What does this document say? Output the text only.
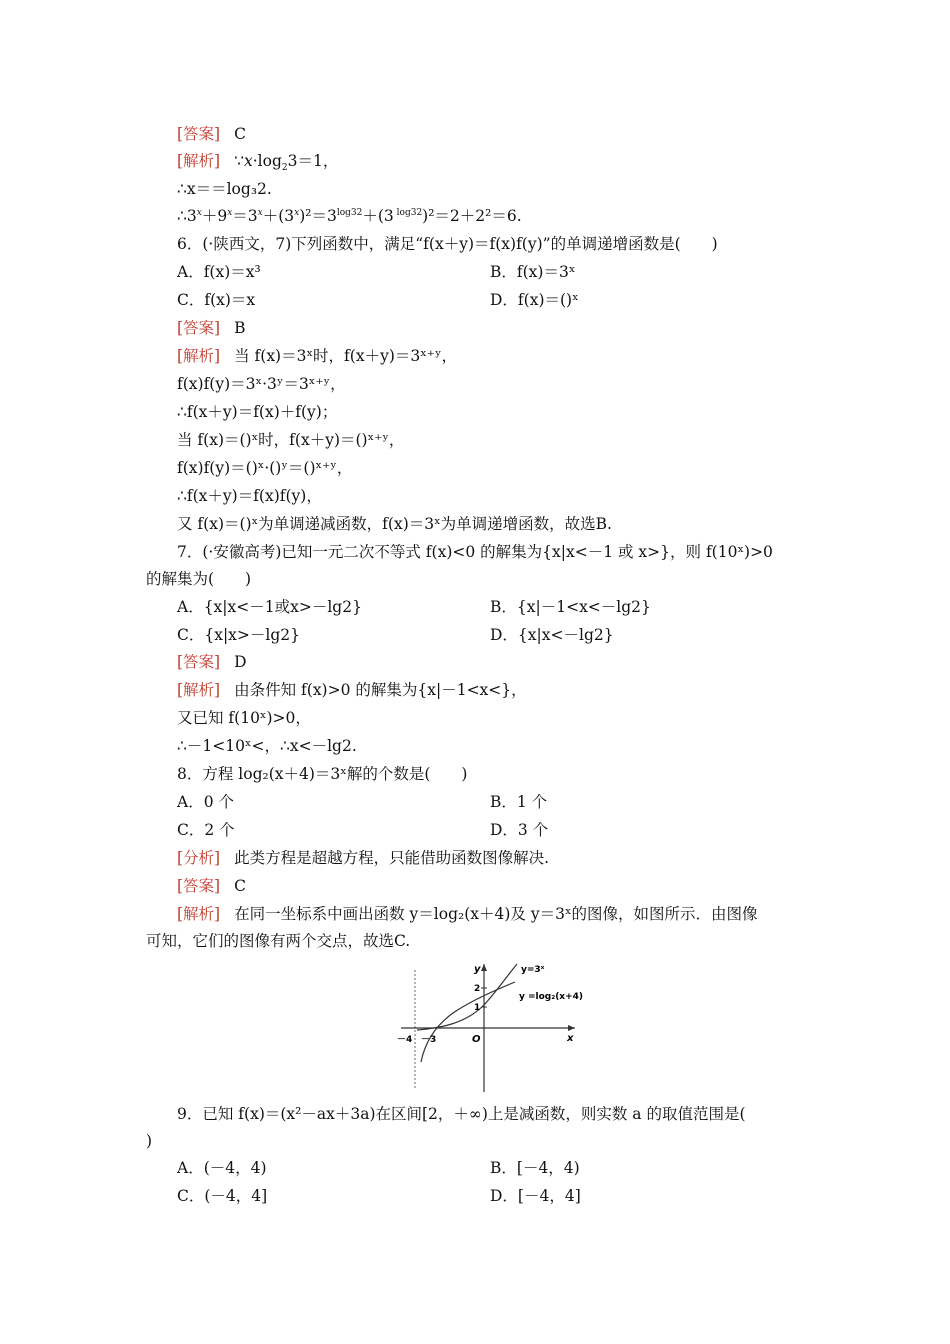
[答案] C
[解析] $\because x\cdot\log_23=1$，
∴x＝＝log₃2.
$\therefore 3^x+9^x=3^x+(3^x)^2=3^{log32}+(3$ $^{log32}$)²＝2＋2²＝6.
6．(·陕西文，7)下列函数中，满足“f(x＋y)＝f(x)f(y)”的单调递增函数是(　　)
A．f(x)＝x³	B．f(x)＝3ˣ
C．f(x)＝x	D．f(x)＝()ˣ
[答案] B
[解析] 当 f(x)＝3ˣ时，f(x＋y)＝3ˣ⁺ʸ，
f(x)f(y)＝3ˣ·3ʸ＝3ˣ⁺ʸ，
∴f(x＋y)＝f(x)＋f(y)；
当 f(x)＝()ˣ时，f(x＋y)＝()ˣ⁺ʸ，
f(x)f(y)＝()ˣ·()ʸ＝()ˣ⁺ʸ，
∴f(x＋y)＝f(x)f(y)，
又 f(x)＝()ˣ为单调递减函数，f(x)＝3ˣ为单调递增函数，故选B.
7．(·安徽高考)已知一元二次不等式 f(x)<0 的解集为{x|x<－1 或 x>}，则 f(10ˣ)>0
的解集为(　　)
A．{x|x<－1或x>－lg2}	B．{x|－1<x<－lg2}
C．{x|x>－lg2}	D．{x|x<－lg2}
[答案] D
[解析] 由条件知 f(x)>0 的解集为{x|－1<x<}，
又已知 f(10ˣ)>0，
∴－1<10ˣ<，∴x<－lg2.
8．方程 log₂(x＋4)＝3ˣ解的个数是(　　)
A．0 个	B．1 个
C．2 个	D．3 个
[分析] 此类方程是超越方程，只能借助函数图像解决.
[答案] C
[解析] 在同一坐标系中画出函数 y＝log₂(x＋4)及 y＝3ˣ的图像，如图所示．由图像
可知，它们的图像有两个交点，故选C.
y
x
O
－4 －3
1
2
y=3ˣ
y =log₂(x+4)
9．已知 f(x)＝(x²－ax＋3a)在区间[2，＋∞)上是减函数，则实数 a 的取值范围是(
)
A．(－4，4)	B．[－4，4)
C．(－4，4]	D．[－4，4]
